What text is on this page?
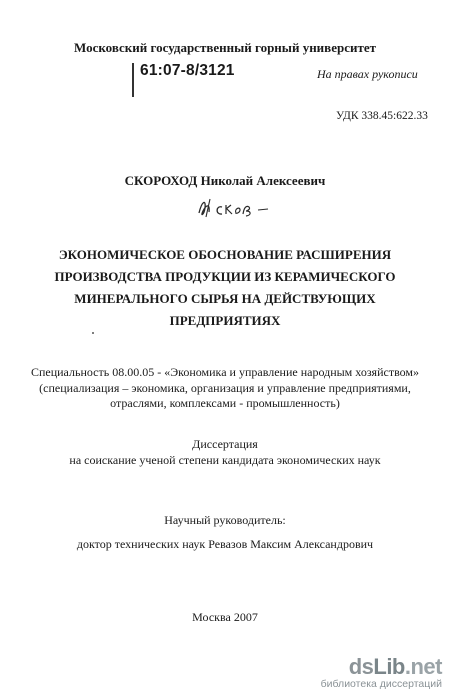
Московский государственный горный университет
61:07-8/3121	На правах рукописи
УДК 338.45:622.33
СКОРОХОД Николай Алексеевич
ЭКОНОМИЧЕСКОЕ ОБОСНОВАНИЕ РАСШИРЕНИЯ
ПРОИЗВОДСТВА ПРОДУКЦИИ ИЗ КЕРАМИЧЕСКОГО
МИНЕРАЛЬНОГО СЫРЬЯ НА ДЕЙСТВУЮЩИХ
ПРЕДПРИЯТИЯХ
Специальность 08.00.05 - «Экономика и управление народным хозяйством»
(специализация – экономика, организация и управление предприятиями,
отраслями, комплексами - промышленность)
Диссертация
на соискание ученой степени кандидата экономических наук
Научный руководитель:
доктор технических наук Ревазов Максим Александрович
Москва 2007
ds Lib .net
библиотека диссертаций
